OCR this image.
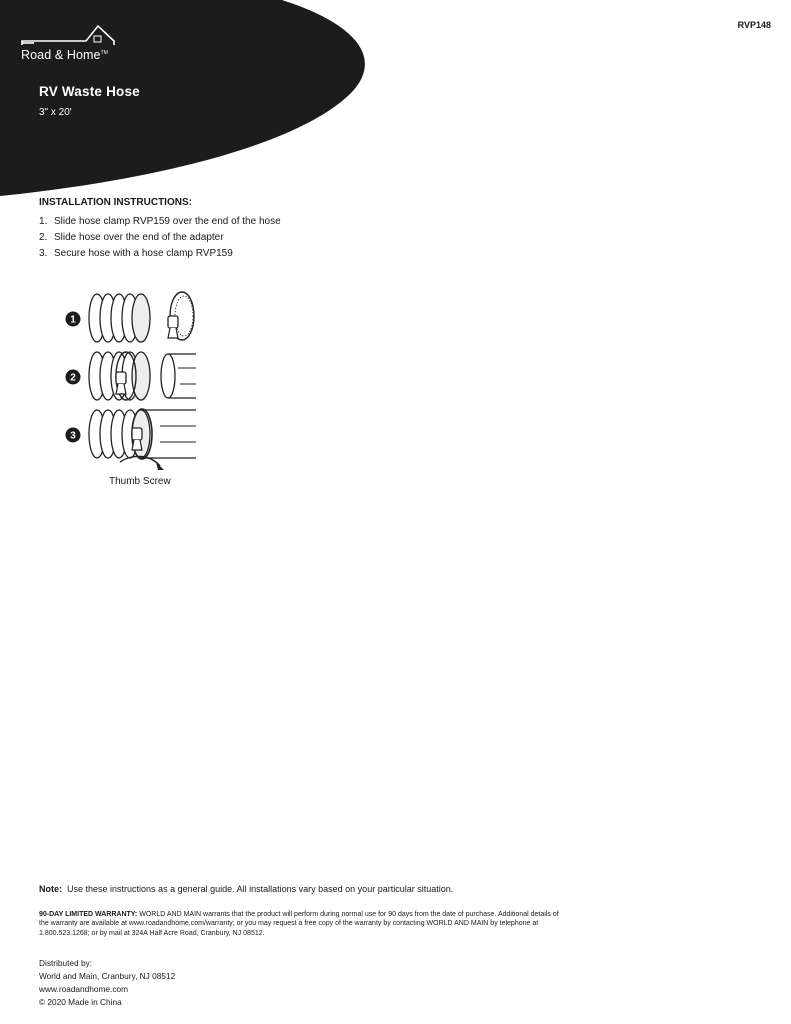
Road & Home™
RVP148
RV Waste Hose
3" x 20'
INSTALLATION INSTRUCTIONS:
1. Slide hose clamp RVP159 over the end of the hose
2. Slide hose over the end of the adapter
3. Secure hose with a hose clamp RVP159
1
2
3
Thumb Screw
Note: Use these instructions as a general guide. All installations vary based on your particular situation.
90-DAY LIMITED WARRANTY: WORLD AND MAIN warrants that the product will perform during normal use for 90 days from the date of purchase. Additional details of the warranty are available at www.roadandhome.com/warranty; or you may request a free copy of the warranty by contacting WORLD AND MAIN by telephone at 1.800.523.1268; or by mail at 324A Half Acre Road, Cranbury, NJ 08512.
Distributed by:
World and Main, Cranbury, NJ 08512
www.roadandhome.com
© 2020 Made in China
